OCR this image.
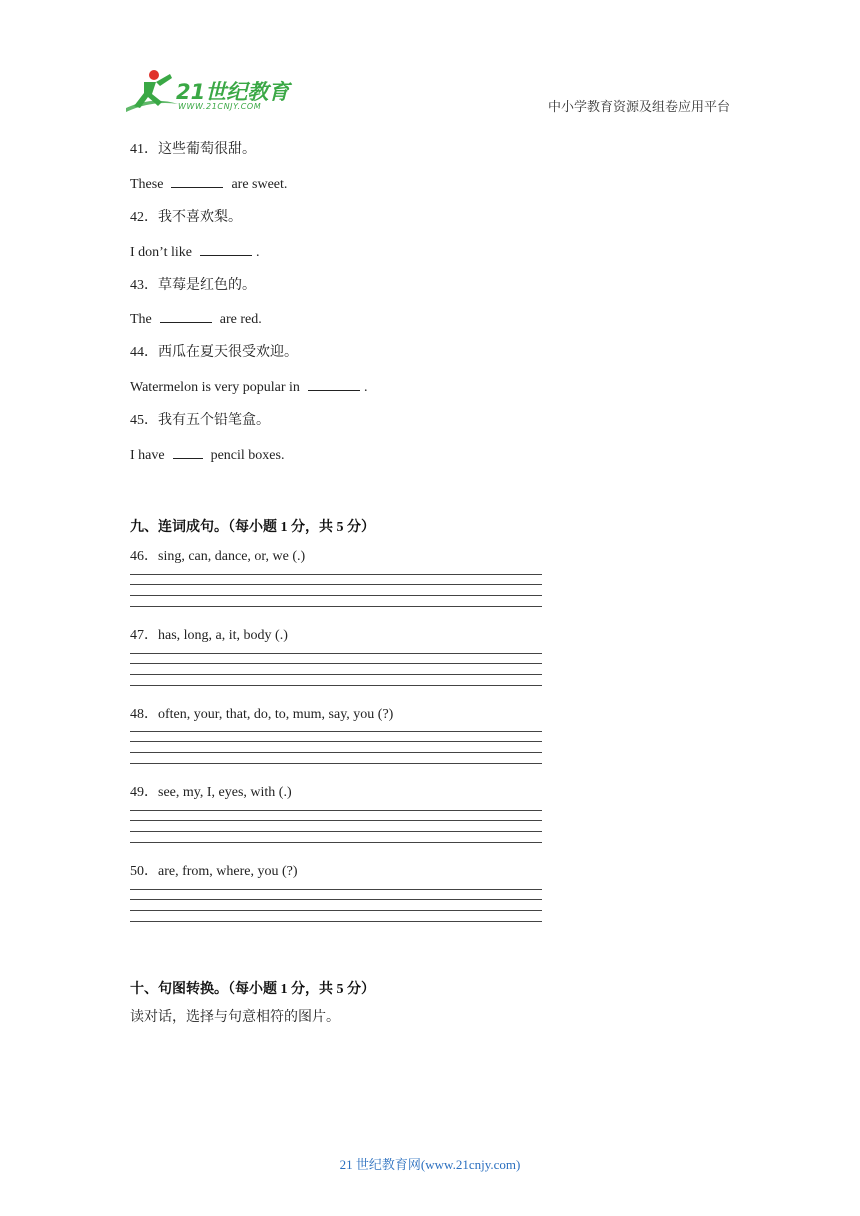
21世纪教育
WWW.21CNJY.COM	中小学教育资源及组卷应用平台
41．这些葡萄很甜。
These	are sweet.
42．我不喜欢梨。
I don’t like	.
43．草莓是红色的。
The	are red.
44．西瓜在夏天很受欢迎。
Watermelon is very popular in	.
45．我有五个铅笔盒。
I have	pencil boxes.
九、连词成句。（每小题 1 分，共 5 分）
46．sing, can, dance, or, we (.)
47．has, long, a, it, body (.)
48．often, your, that, do, to, mum, say, you (?)
49．see, my, I, eyes, with (.)
50．are, from, where, you (?)
十、句图转换。（每小题 1 分，共 5 分）
读对话，选择与句意相符的图片。
21 世纪教育网(www.21cnjy.com)
